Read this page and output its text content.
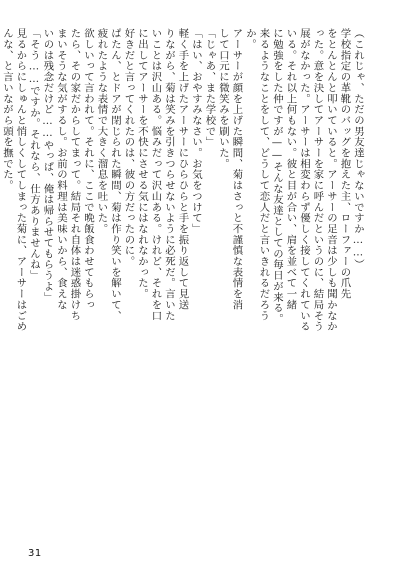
（これじゃ、ただの男友達じゃないですか……）
学校指定の革靴のバッグを抱えた主、ローファーの爪先
をとんとんと叩いていると。アーサーの足音は少しも聞かなか
った。意を決してアーサーを家に呼んだというのに、結局そう
展がなかった。アーサーは相変わらず優しく接してくれている
いる。それ以上何もない。彼と目が合い、肩を並べて一緒
に勉強をした仲ですが——そんな友達としての毎日が来る。
来るようなことをして、どうして恋人だと言いきれるだろう
か。
アーサーが顔を上げた瞬間、菊はさっと不謹慎な表情を消
して口元に微笑みを刷いた。
「じゃあ、また学校で」
「はい、おやすみなさい。お気をつけて」
軽く手を上げたアーサーにひらひらと手を振り返して見送
りながら、菊は笑みを引きつらせないように必死だ。言いた
いことは沢山ある。悩みだって沢山ある。けれど、それを口
に出してアーサーを不快にさせる気にはなれなかった。
好きだと言ってくれたのは、彼の方だったのに。
ぱたん、とドアが閉じられた瞬間、菊は作り笑いを解いて、
疲れたような表情で大きく溜息を吐いた。
欲しいって言われて。それに、ここで晩飯食わせてもらっ
たら、その家だからしてまって。結局それ自体は迷惑掛けち
まいそうな気がするし。お前の料理は美味いから、食えな
いのは残念だけど……やっぱ、俺は帰らせてもらうよ」
「そう……ですか。それなら、仕方ありませんね」
見るからにしゅんと悄しくしてしまった菊に、アーサーはごめ
んな、と言いながら頭を撫でた。
31
